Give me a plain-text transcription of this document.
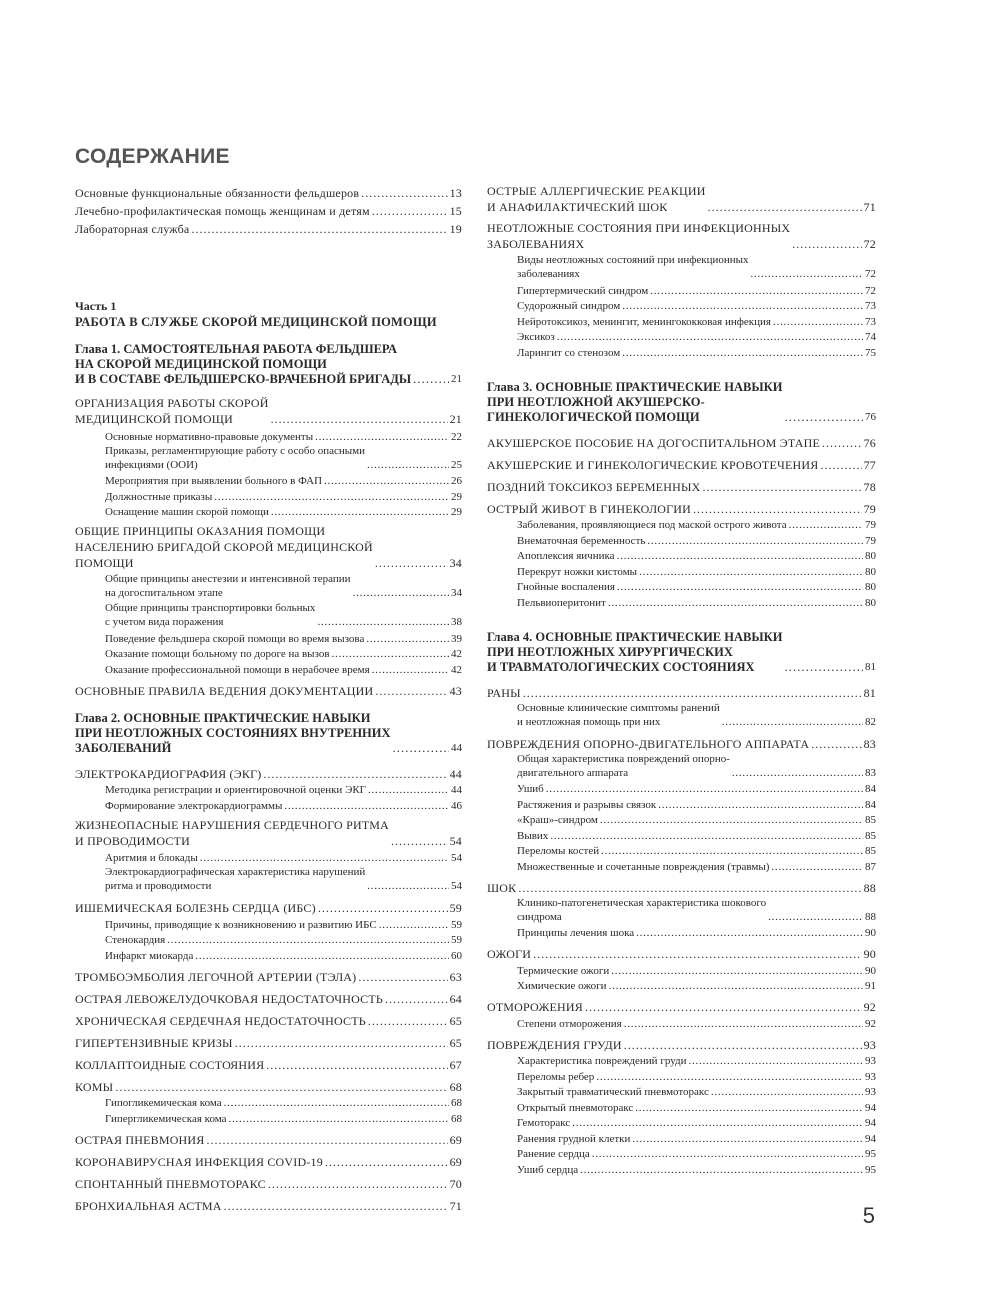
СОДЕРЖАНИЕ
Основные функциональные обязанности фельдшеров . . .	13
Лечебно-профилактическая помощь женщинам и детям . . .	15
Лабораторная служба . . .	19
Часть 1
РАБОТА В СЛУЖБЕ СКОРОЙ МЕДИЦИНСКОЙ ПОМОЩИ
Глава 1. САМОСТОЯТЕЛЬНАЯ РАБОТА ФЕЛЬДШЕРА
НА СКОРОЙ МЕДИЦИНСКОЙ ПОМОЩИ
И В СОСТАВЕ ФЕЛЬДШЕРСКО-ВРАЧЕБНОЙ БРИГАДЫ . . .	21
ОРГАНИЗАЦИЯ РАБОТЫ СКОРОЙ
МЕДИЦИНСКОЙ ПОМОЩИ . . .	21
Основные нормативно-правовые документы . . .	22
Приказы, регламентирующие работу с особо опасными
инфекциями (ООИ) . . .	25
Мероприятия при выявлении больного в ФАП . . .	26
Должностные приказы . . .	29
Оснащение машин скорой помощи . . .	29
ОБЩИЕ ПРИНЦИПЫ ОКАЗАНИЯ ПОМОЩИ
НАСЕЛЕНИЮ БРИГАДОЙ СКОРОЙ МЕДИЦИНСКОЙ
ПОМОЩИ . . .	34
Общие принципы анестезии и интенсивной терапии
на догоспитальном этапе . . .	34
Общие принципы транспортировки больных
с учетом вида поражения . . .	38
Поведение фельдшера скорой помощи во время вызова . . .	39
Оказание помощи больному по дороге на вызов . . .	42
Оказание профессиональной помощи в нерабочее время . . .	42
ОСНОВНЫЕ ПРАВИЛА ВЕДЕНИЯ ДОКУМЕНТАЦИИ . . .	43
Глава 2. ОСНОВНЫЕ ПРАКТИЧЕСКИЕ НАВЫКИ
ПРИ НЕОТЛОЖНЫХ СОСТОЯНИЯХ ВНУТРЕННИХ
ЗАБОЛЕВАНИЙ . . .	44
ЭЛЕКТРОКАРДИОГРАФИЯ (ЭКГ) . . .	44
Методика регистрации и ориентировочной оценки ЭКГ . . .	44
Формирование электрокардиограммы . . .	46
ЖИЗНЕОПАСНЫЕ НАРУШЕНИЯ СЕРДЕЧНОГО РИТМА
И ПРОВОДИМОСТИ . . .	54
Аритмия и блокады . . .	54
Электрокардиографическая характеристика нарушений
ритма и проводимости . . .	54
ИШЕМИЧЕСКАЯ БОЛЕЗНЬ СЕРДЦА (ИБС) . . .	59
Причины, приводящие к возникновению и развитию ИБС . . .	59
Стенокардия . . .	59
Инфаркт миокарда . . .	60
ТРОМБОЭМБОЛИЯ ЛЕГОЧНОЙ АРТЕРИИ (ТЭЛА) . . .	63
ОСТРАЯ ЛЕВОЖЕЛУДОЧКОВАЯ НЕДОСТАТОЧНОСТЬ . . .	64
ХРОНИЧЕСКАЯ СЕРДЕЧНАЯ НЕДОСТАТОЧНОСТЬ . . .	65
ГИПЕРТЕНЗИВНЫЕ КРИЗЫ . . .	65
КОЛЛАПТОИДНЫЕ СОСТОЯНИЯ . . .	67
КОМЫ . . .	68
Гипогликемическая кома . . .	68
Гипергликемическая кома . . .	68
ОСТРАЯ ПНЕВМОНИЯ . . .	69
КОРОНАВИРУСНАЯ ИНФЕКЦИЯ COVID-19 . . .	69
СПОНТАННЫЙ ПНЕВМОТОРАКС . . .	70
БРОНХИАЛЬНАЯ АСТМА . . .	71
ОСТРЫЕ АЛЛЕРГИЧЕСКИЕ РЕАКЦИИ
И АНАФИЛАКТИЧЕСКИЙ ШОК . . .	71
НЕОТЛОЖНЫЕ СОСТОЯНИЯ ПРИ ИНФЕКЦИОННЫХ
ЗАБОЛЕВАНИЯХ . . .	72
Виды неотложных состояний при инфекционных
заболеваниях . . .	72
Гипертермический синдром . . .	72
Судорожный синдром . . .	73
Нейротоксикоз, менингит, менингококковая инфекция . . .	73
Эксикоз . . .	74
Ларингит со стенозом . . .	75
Глава 3. ОСНОВНЫЕ ПРАКТИЧЕСКИЕ НАВЫКИ
ПРИ НЕОТЛОЖНОЙ АКУШЕРСКО-
ГИНЕКОЛОГИЧЕСКОЙ ПОМОЩИ . . .	76
АКУШЕРСКОЕ ПОСОБИЕ НА ДОГОСПИТАЛЬНОМ ЭТАПЕ . . .	76
АКУШЕРСКИЕ И ГИНЕКОЛОГИЧЕСКИЕ КРОВОТЕЧЕНИЯ . . .	77
ПОЗДНИЙ ТОКСИКОЗ БЕРЕМЕННЫХ . . .	78
ОСТРЫЙ ЖИВОТ В ГИНЕКОЛОГИИ . . .	79
Заболевания, проявляющиеся под маской острого живота . . .	79
Внематочная беременность . . .	79
Апоплексия яичника . . .	80
Перекрут ножки кистомы . . .	80
Гнойные воспаления . . .	80
Пельвиоперитонит . . .	80
Глава 4. ОСНОВНЫЕ ПРАКТИЧЕСКИЕ НАВЫКИ
ПРИ НЕОТЛОЖНЫХ ХИРУРГИЧЕСКИХ
И ТРАВМАТОЛОГИЧЕСКИХ СОСТОЯНИЯХ . . .	81
РАНЫ . . .	81
Основные клинические симптомы ранений
и неотложная помощь при них . . .	82
ПОВРЕЖДЕНИЯ ОПОРНО-ДВИГАТЕЛЬНОГО АППАРАТА . . .	83
Общая характеристика повреждений опорно-
двигательного аппарата . . .	83
Ушиб . . .	84
Растяжения и разрывы связок . . .	84
«Краш»-синдром . . .	85
Вывих . . .	85
Переломы костей . . .	85
Множественные и сочетанные повреждения (травмы) . . .	87
ШОК . . .	88
Клинико-патогенетическая характеристика шокового
синдрома . . .	88
Принципы лечения шока . . .	90
ОЖОГИ . . .	90
Термические ожоги . . .	90
Химические ожоги . . .	91
ОТМОРОЖЕНИЯ . . .	92
Степени отморожения . . .	92
ПОВРЕЖДЕНИЯ ГРУДИ . . .	93
Характеристика повреждений груди . . .	93
Переломы ребер . . .	93
Закрытый травматический пневмоторакс . . .	93
Открытый пневмоторакс . . .	94
Гемоторакс . . .	94
Ранения грудной клетки . . .	94
Ранение сердца . . .	95
Ушиб сердца . . .	95
5
